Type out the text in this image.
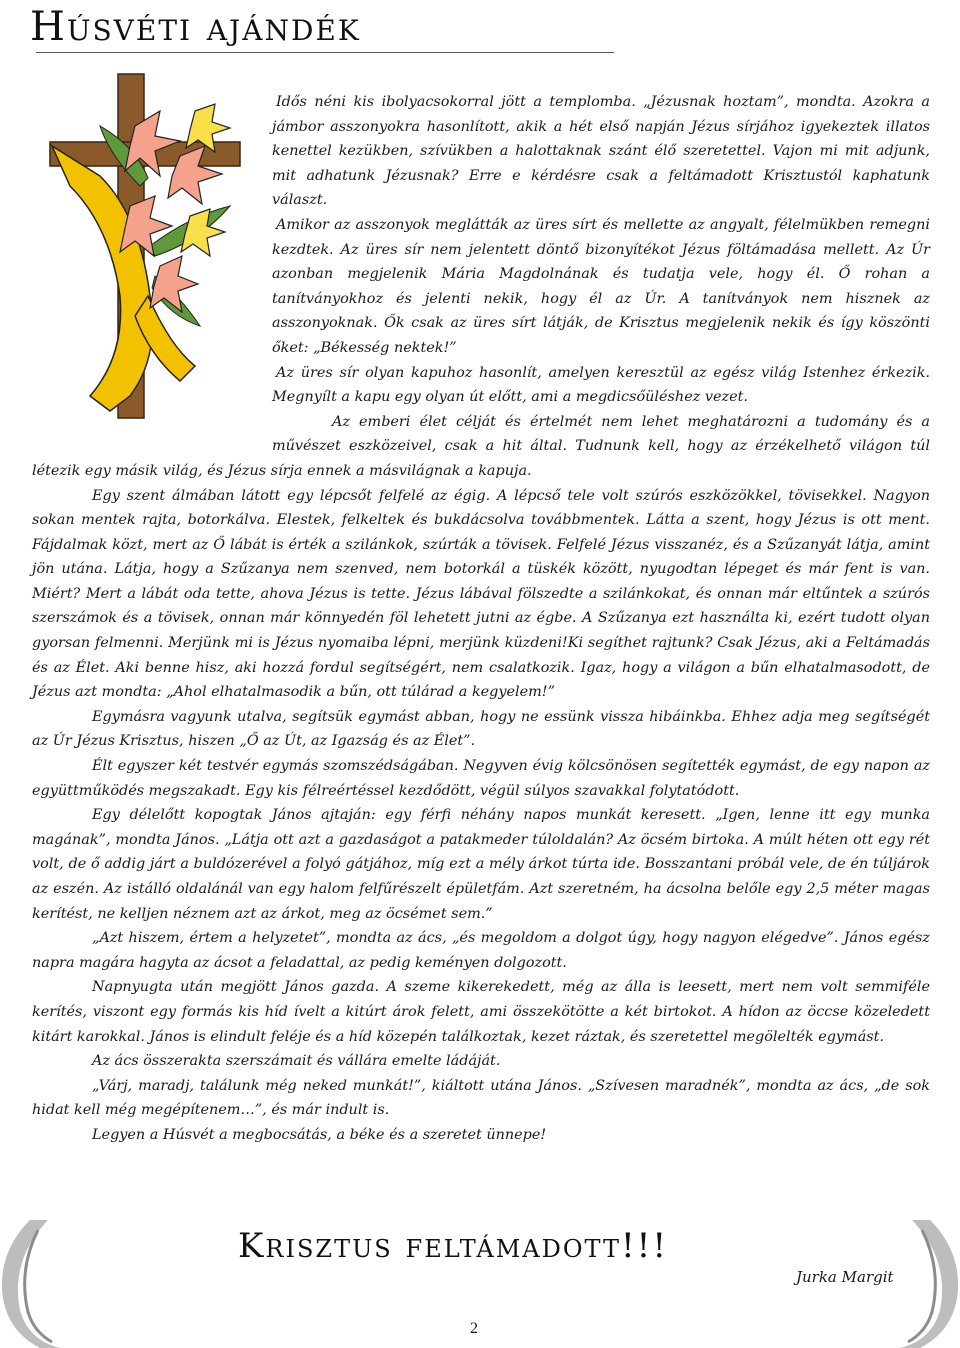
Húsvéti ajándék

Idős néni kis ibolyacsokorral jött a templomba. „Jézusnak hoztam”, mondta. Azokra a jámbor asszonyokra hasonlított, akik a hét első napján Jézus sírjához igyekeztek illatos kenettel kezükben, szívükben a halottaknak szánt élő szeretettel. Vajon mi mit adjunk, mit adhatunk Jézusnak? Erre e kérdésre csak a feltámadott Krisztustól kaphatunk választ.

Amikor az asszonyok meglátták az üres sírt és mellette az angyalt, félelmükben remegni kezdtek. Az üres sír nem jelentett döntő bizonyítékot Jézus föltámadása mellett. Az Úr azonban megjelenik Mária Magdolnának és tudatja vele, hogy él. Ő rohan a tanítványokhoz és jelenti nekik, hogy él az Úr. A tanítványok nem hisznek az asszonyoknak. Ők csak az üres sírt látják, de Krisztus megjelenik nekik és így köszönti őket: „Békesség nektek!”

Az üres sír olyan kapuhoz hasonlít, amelyen keresztül az egész világ Istenhez érkezik. Megnyílt a kapu egy olyan út előtt, ami a megdicsőüléshez vezet.

Az emberi élet célját és értelmét nem lehet meghatározni a tudomány és a művészet eszközeivel, csak a hit által. Tudnunk kell, hogy az érzékelhető világon túl létezik egy másik világ, és Jézus sírja ennek a másvilágnak a kapuja.

Egy szent álmában látott egy lépcsőt felfelé az égig. A lépcső tele volt szúrós eszközökkel, tövisekkel. Nagyon sokan mentek rajta, botorkálva. Elestek, felkeltek és bukdácsolva továbbmentek. Látta a szent, hogy Jézus is ott ment. Fájdalmak közt, mert az Ő lábát is érték a szilánkok, szúrták a tövisek. Felfelé Jézus visszanéz, és a Szűzanyát látja, amint jön utána. Látja, hogy a Szűzanya nem szenved, nem botorkál a tüskék között, nyugodtan lépeget és már fent is van. Miért? Mert a lábát oda tette, ahova Jézus is tette. Jézus lábával fölszedte a szilánkokat, és onnan már eltűntek a szúrós szerszámok és a tövisek, onnan már könnyedén föl lehetett jutni az égbe. A Szűzanya ezt használta ki, ezért tudott olyan gyorsan felmenni. Merjünk mi is Jézus nyomaiba lépni, merjünk küzdeni!Ki segíthet rajtunk? Csak Jézus, aki a Feltámadás és az Élet. Aki benne hisz, aki hozzá fordul segítségért, nem csalatkozik. Igaz, hogy a világon a bűn elhatalmasodott, de Jézus azt mondta: „Ahol elhatalmasodik a bűn, ott túlárad a kegyelem!”

Egymásra vagyunk utalva, segítsük egymást abban, hogy ne essünk vissza hibáinkba. Ehhez adja meg segítségét az Úr Jézus Krisztus, hiszen „Ő az Út, az Igazság és az Élet”.

Élt egyszer két testvér egymás szomszédságában. Negyven évig kölcsönösen segítették egymást, de egy napon az együttműködés megszakadt. Egy kis félreértéssel kezdődött, végül súlyos szavakkal folytatódott.

Egy délelőtt kopogtak János ajtaján: egy férfi néhány napos munkát keresett. „Igen, lenne itt egy munka magának”, mondta János. „Látja ott azt a gazdaságot a patakmeder túloldalán? Az öcsém birtoka. A múlt héten ott egy rét volt, de ő addig járt a buldózerével a folyó gátjához, míg ezt a mély árkot túrta ide. Bosszantani próbál vele, de én túljárok az eszén. Az istálló oldalánál van egy halom felfűrészelt épületfám. Azt szeretném, ha ácsolna belőle egy 2,5 méter magas kerítést, ne kelljen néznem azt az árkot, meg az öcsémet sem.”

„Azt hiszem, értem a helyzetet”, mondta az ács, „és megoldom a dolgot úgy, hogy nagyon elégedve”. János egész napra magára hagyta az ácsot a feladattal, az pedig keményen dolgozott.

Napnyugta után megjött János gazda. A szeme kikerekedett, még az álla is leesett, mert nem volt semmiféle kerítés, viszont egy formás kis híd ívelt a kitúrt árok felett, ami összekötötte a két birtokot. A hídon az öccse közeledett kitárt karokkal. János is elindult feléje és a híd közepén találkoztak, kezet ráztak, és szeretettel megölelték egymást.

Az ács összerakta szerszámait és vállára emelte ládáját.

„Várj, maradj, találunk még neked munkát!”, kiáltott utána János. „Szívesen maradnék”, mondta az ács, „de sok hidat kell még megépítenem…”, és már indult is.

Legyen a Húsvét a megbocsátás, a béke és a szeretet ünnepe!

Krisztus feltámadott!!!
Jurka Margit
2
